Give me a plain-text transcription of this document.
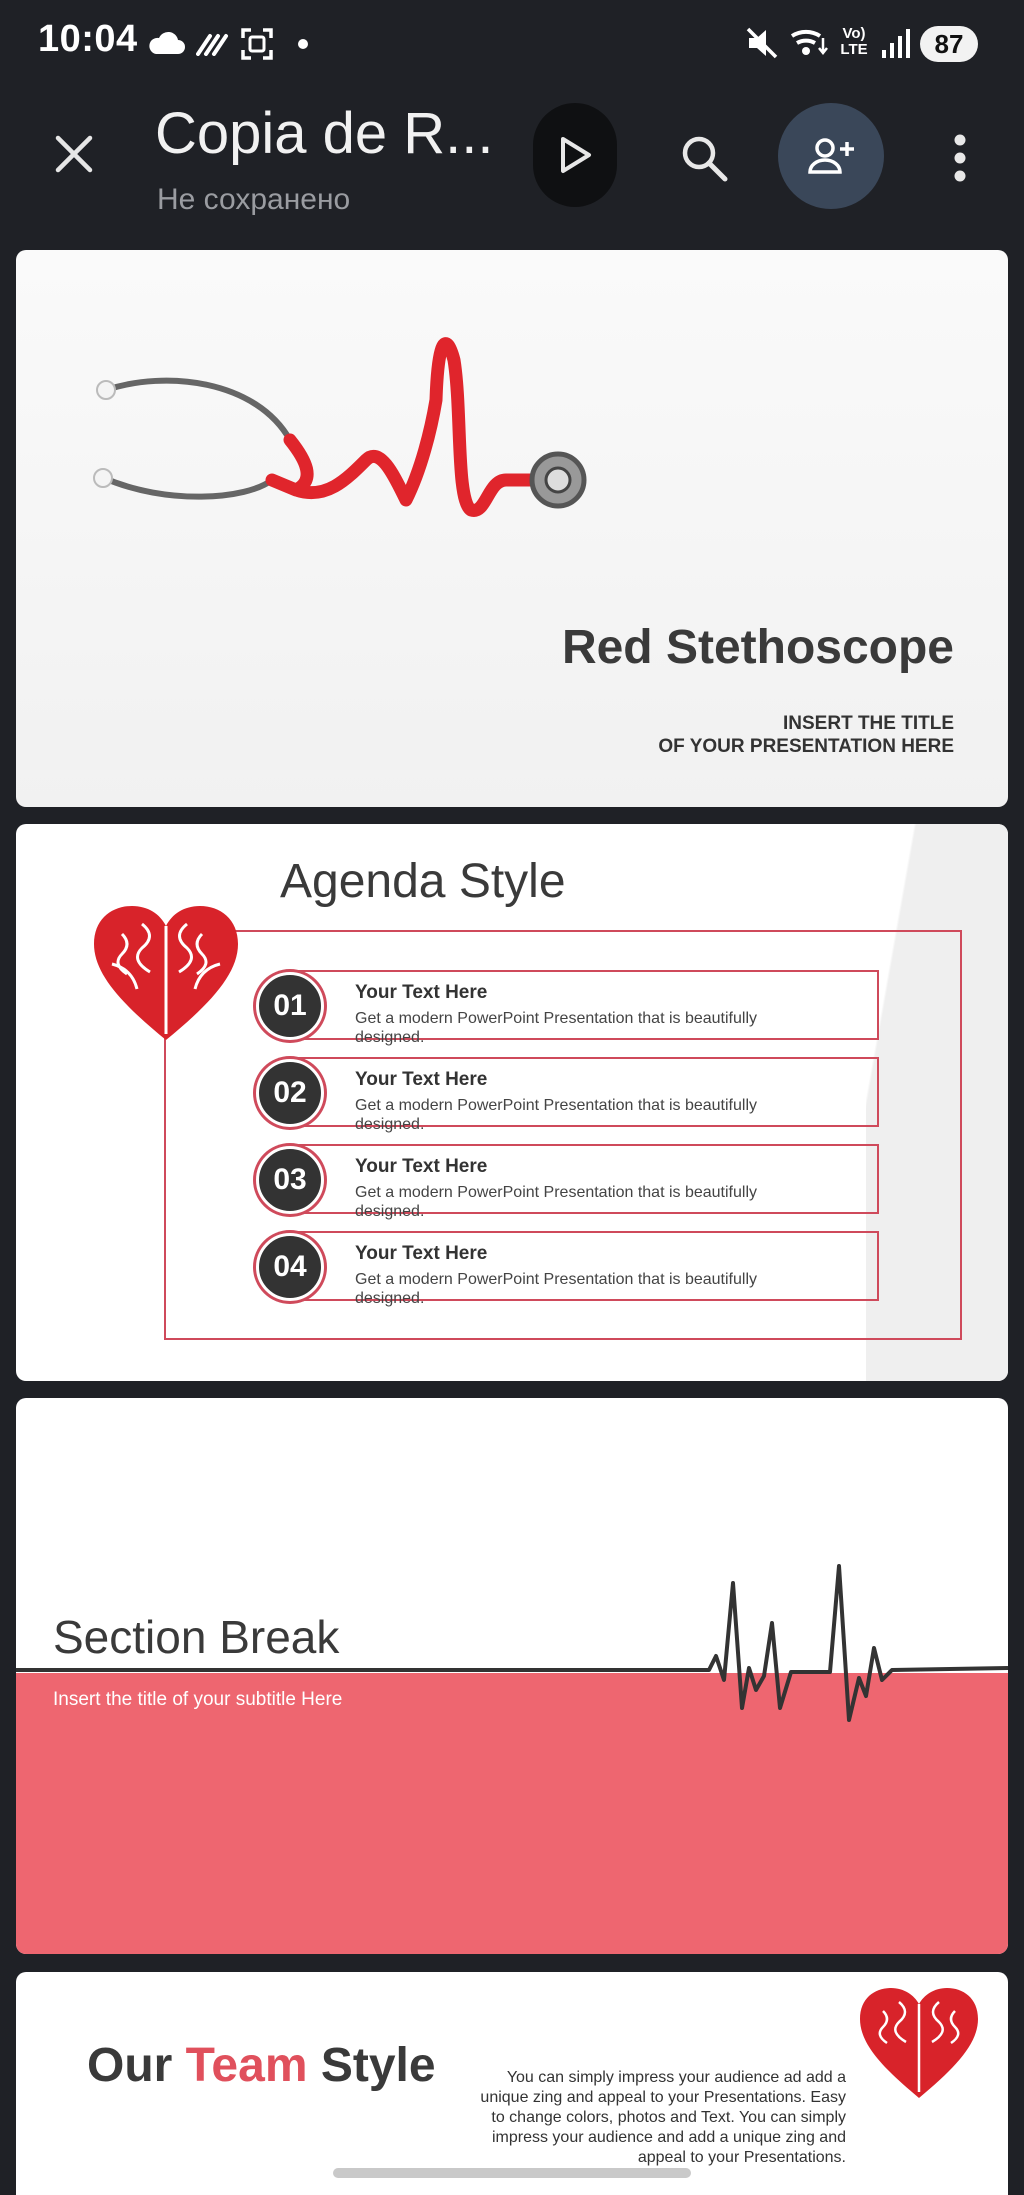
10:04	Vo) LTE	87
Copia de R...
Не сохранено
Red Stethoscope
INSERT THE TITLE
OF YOUR PRESENTATION HERE
Agenda Style
01	Your Text Here
Get a modern PowerPoint Presentation that is beautifully designed.
02	Your Text Here
Get a modern PowerPoint Presentation that is beautifully designed.
03	Your Text Here
Get a modern PowerPoint Presentation that is beautifully designed.
04	Your Text Here
Get a modern PowerPoint Presentation that is beautifully designed.
Section Break
Insert the title of your subtitle Here
Our Team Style	You can simply impress your audience ad add a unique zing and appeal to your Presentations. Easy to change colors, photos and Text. You can simply impress your audience and add a unique zing and appeal to your Presentations.
